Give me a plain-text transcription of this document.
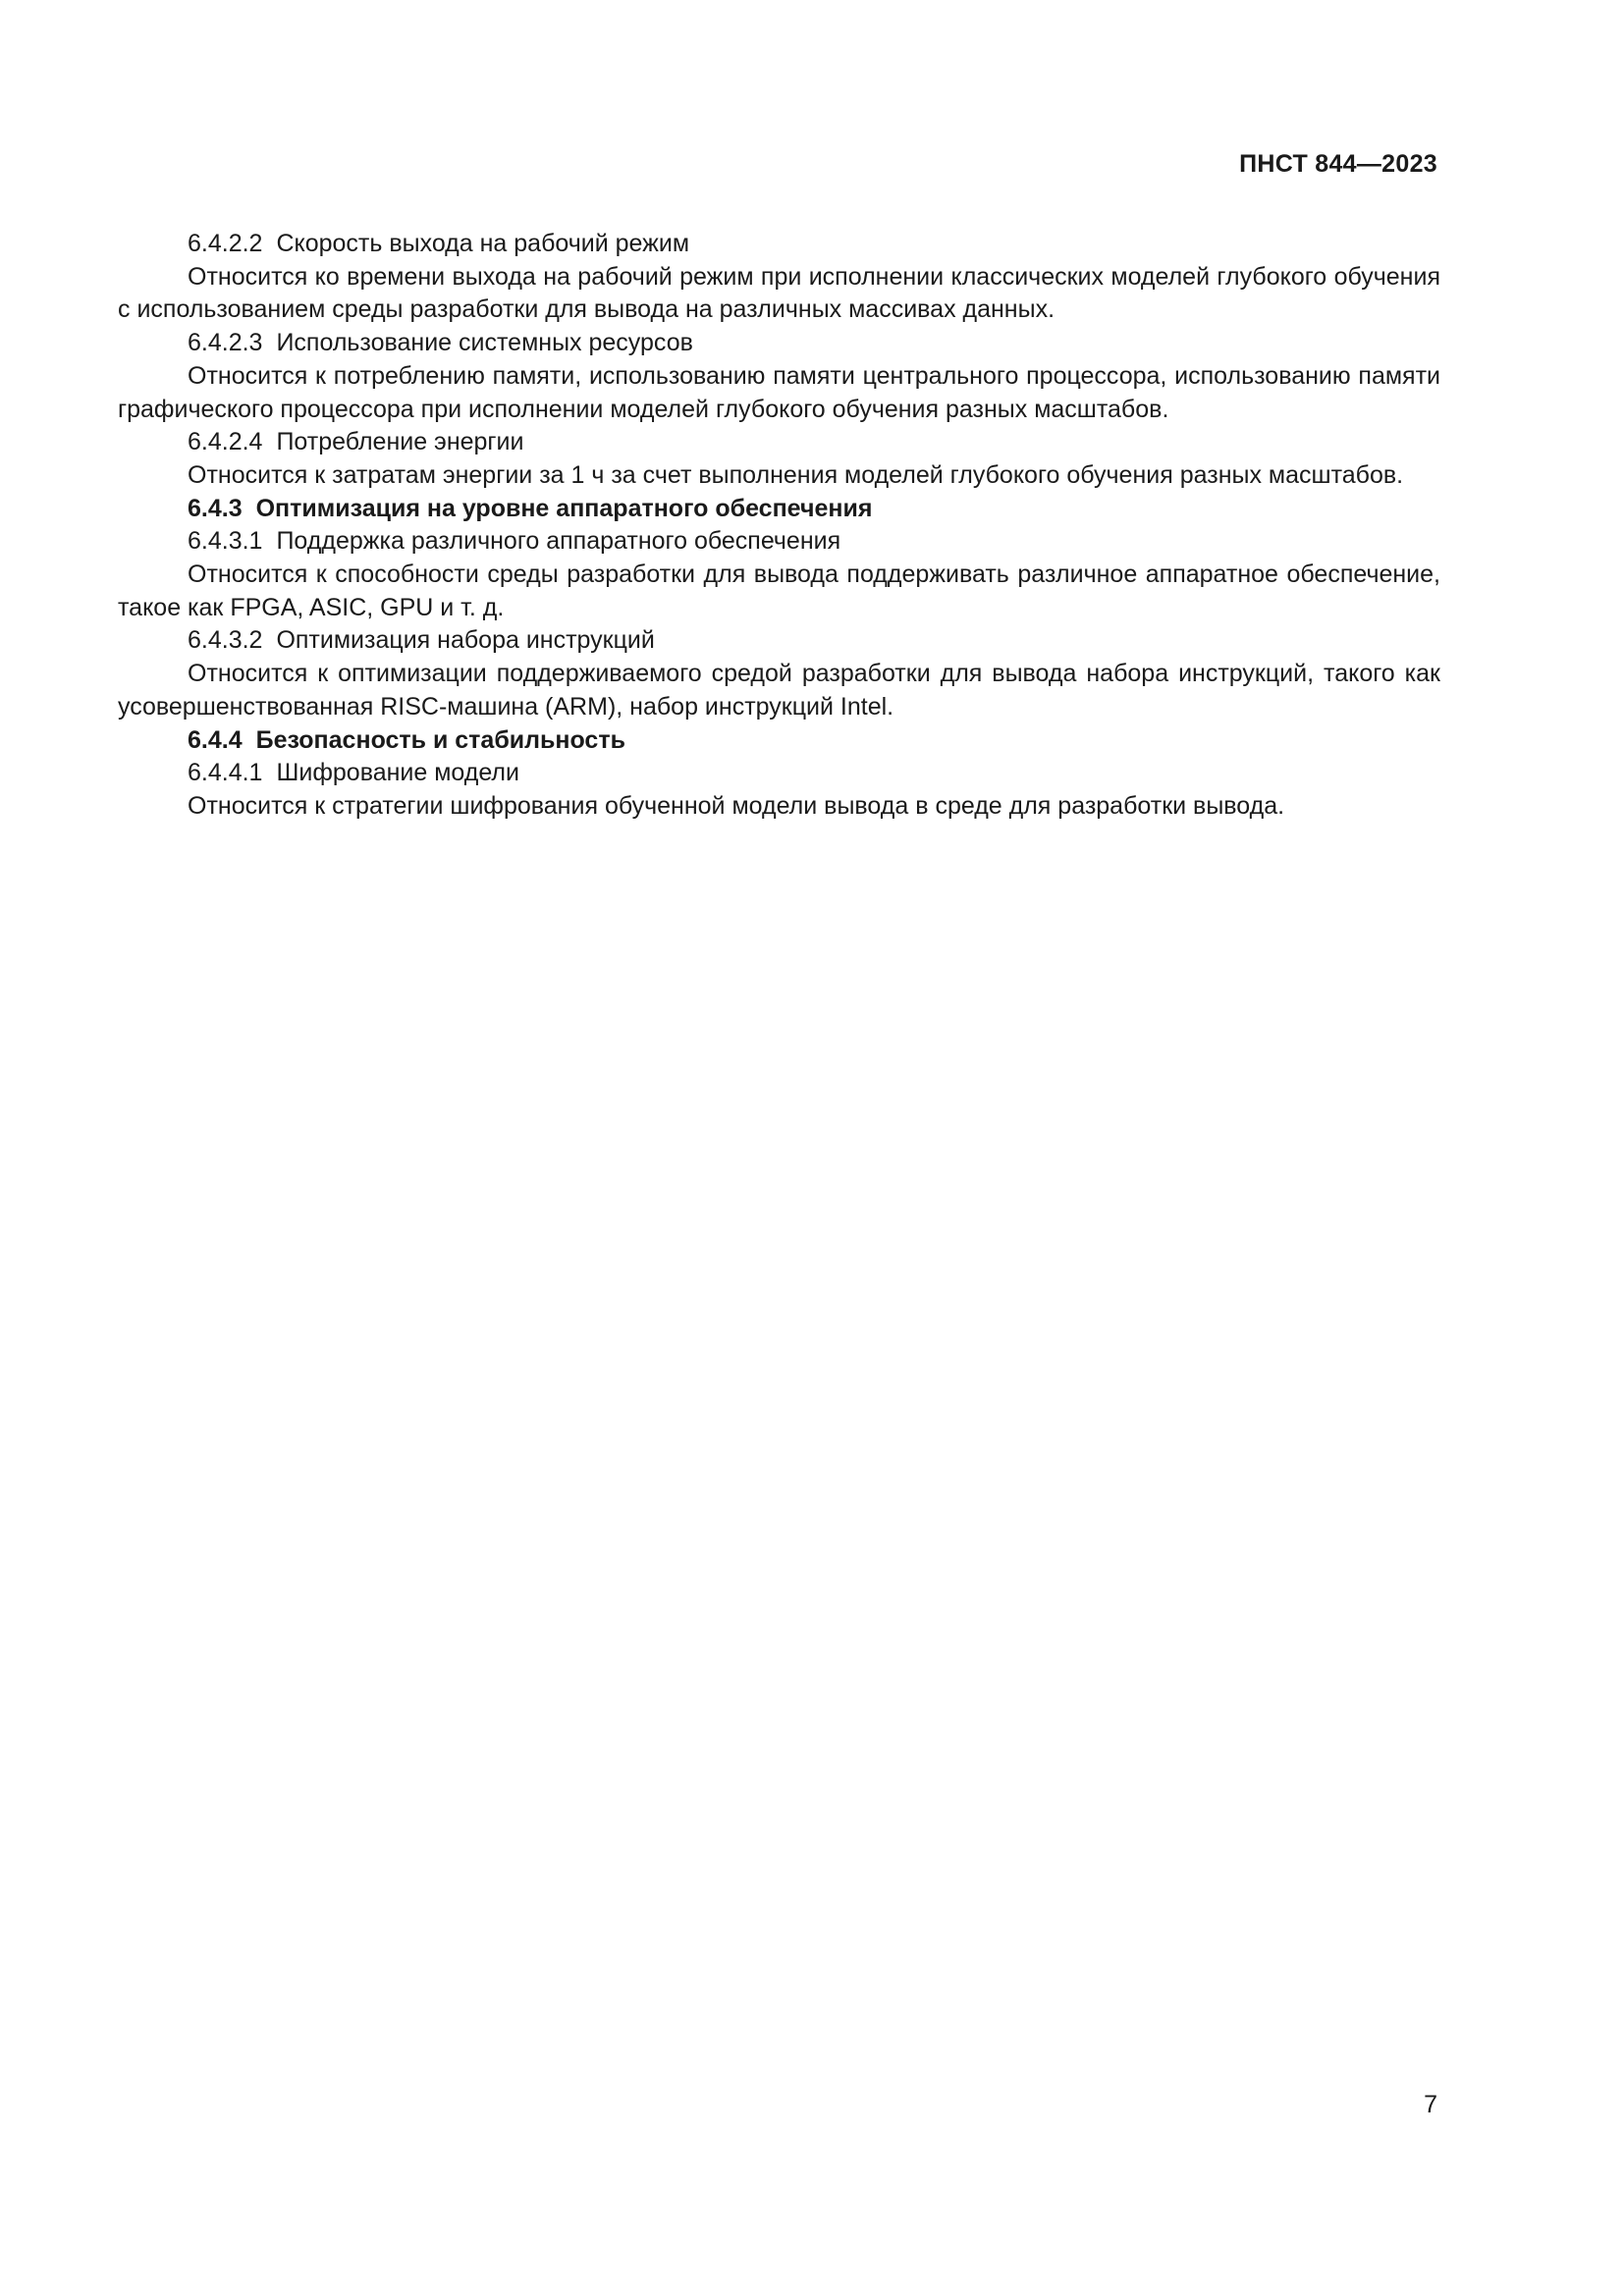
ПНСТ 844—2023
6.4.2.2 Скорость выхода на рабочий режим

Относится ко времени выхода на рабочий режим при исполнении классических моделей глубокого обучения с использованием среды разработки для вывода на различных массивах данных.

6.4.2.3 Использование системных ресурсов

Относится к потреблению памяти, использованию памяти центрального процессора, использованию памяти графического процессора при исполнении моделей глубокого обучения разных масштабов.

6.4.2.4 Потребление энергии

Относится к затратам энергии за 1 ч за счет выполнения моделей глубокого обучения разных масштабов.

6.4.3 Оптимизация на уровне аппаратного обеспечения
6.4.3.1 Поддержка различного аппаратного обеспечения

Относится к способности среды разработки для вывода поддерживать различное аппаратное обеспечение, такое как FPGA, ASIC, GPU и т. д.

6.4.3.2 Оптимизация набора инструкций

Относится к оптимизации поддерживаемого средой разработки для вывода набора инструкций, такого как усовершенствованная RISC-машина (ARM), набор инструкций Intel.

6.4.4 Безопасность и стабильность
6.4.4.1 Шифрование модели

Относится к стратегии шифрования обученной модели вывода в среде для разработки вывода.

7
